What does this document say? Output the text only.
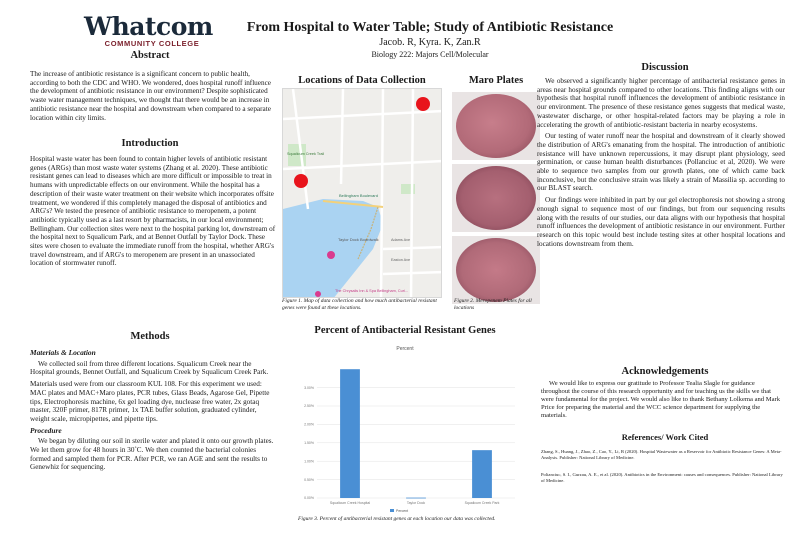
Whatcom
COMMUNITY COLLEGE
From Hospital to Water Table; Study of Antibiotic Resistance
Jacob. R, Kyra. K, Zan.R
Biology 222: Majors Cell/Molecular
Abstract
The increase of antibiotic resistance is a significant concern to public health, according to both the CDC and WHO. We wondered, does hospital runoff influence the development of antibiotic resistance in our environment? Despite sophisticated waste water management techniques, we thought that there would be an increase in antibiotic resistance near the hospital and downstream when compared to a separate location within city limits.
Introduction
Hospital waste water has been found to contain higher levels of antibiotic resistant genes (ARGs) than most waste water systems (Zhang et al. 2020). These antibiotic resistant genes can lead to diseases which are more difficult or impossible to treat in humans with unpredictable effects on our environment. While the hospital has a description of their waste water treatment on their website which incorporates offsite treatment, we wondered if this completely managed the disposal of antibiotics and ARG's? We tested the presence of antibiotic resistance to meropenem, a potent antibiotic typically used as a last resort by pharmacists, in our local environment; Bellingham. Our collection sites were next to the hospital parking lot, downstream of the hospital next to Squalicum Park, and at Bennet Outfall by Taylor Dock. These sites were chosen to evaluate the immediate runoff from the hospital, whether ARG's travel downstream, and if ARG's to meropenem are present in an unassociated location of stormwater runoff.
Methods
Materials & Location

We collected soil from three different locations. Squalicum Creek near the Hospital grounds, Bennet Outfall, and Squalicum Creek by Squalicum Creek Park.

Materials used were from our classroom KUL 108. For this experiment we used: MAC plates and MAC+Maro plates, PCR tubes, Glass Beads, Agarose Gel, Pipette tips, Electrophoresis machine, 6x gel loading dye, nuclease free water, 2x gotaq master, 320F primer, 817R primer, 1x TAE buffer solution, graduated cylinder, weight scale, micropipettes, and pipette tips.

Procedure

We began by diluting our soil in sterile water and plated it onto our growth plates. We let them grow for 48 hours in 30˚C. We then counted the bacterial colonies formed and sampled them for PCR. After PCR, we ran AGE and sent the results to Genewhiz for sequencing.

Locations of Data Collection
Bellingham Boulevard
Taylor Dock Boardwalk
Squalicum Creek Trail
Adams Ave
Easton Ave
The Chrysalis Inn & Spa Bellingham, Curi...
Figure 1. Map of data collection and how much antibacterial resistant genes were found at these locations.
Maro Plates
Figure 2. Meropenem Plates for all locations
Percent of Antibacterial Resistant Genes
Percent
3.00%
2.50%
2.00%
1.50%
1.00%
0.50%
0.00%
Squalicum Creek Hospital	Taylor Dock	Squalicum Creek Park
Percent
Figure 3. Percent of antibacterial resistant genes at each location our data was collected.
Discussion

We observed a significantly higher percentage of antibacterial resistance genes in areas near hospital grounds compared to other locations. This finding aligns with our hypothesis that hospital runoff influences the development of antibiotic resistance in our environment. The presence of these resistance genes suggests that medical waste, wastewater discharge, or other hospital-related factors may be playing a role in accelerating the growth of antibiotic-resistant bacteria in nearby ecosystems.

Our testing of water runoff near the hospital and downstream of it clearly showed the distribution of ARG's emanating from the hospital. The introduction of antibiotic resistance will have unknown repercussions, it may disrupt plant physiology, seed germination, or cause human health disturbances (Pollanciuc et al, 2020). We were able to sequence two samples from our growth plates, one of which came back inconclusive, but the conclusive strain was likely a strain of Massilia sp. according to our BLAST search.

Our findings were inhibited in part by our gel electrophoresis not showing a strong enough signal to sequence most of our findings, but from our sequencing results along with the results of our studies, our data aligns with our hypothesis that hospital runoff influences the development of antibiotic resistance in our environment. Further research on this topic would best include testing sites at other hospital locations and locations downstream from them.

Acknowledgements
We would like to express our gratitude to Professor Tealia Slagle for guidance throughout the course of this research opportunity and for teaching us the skills we that were fundamental for the project. We would also like to thank Bethany Lolkema and Mark Price for preparing the material and the WCC science department for supplying the materials.
References/ Work Cited
Zhang, S., Huang, J., Zhao, Z., Cao, Y., Li, B (2020). Hospital Wastewater as a Reservoir for Antibiotic Resistance Genes: A Meta-Analysis. Publisher: National Library of Medicine.
Polianciuc, S. I., Gurzau, A. E., et al. (2020). Antibiotics in the Environment: causes and consequences. Publisher: National Library of Medicine.
